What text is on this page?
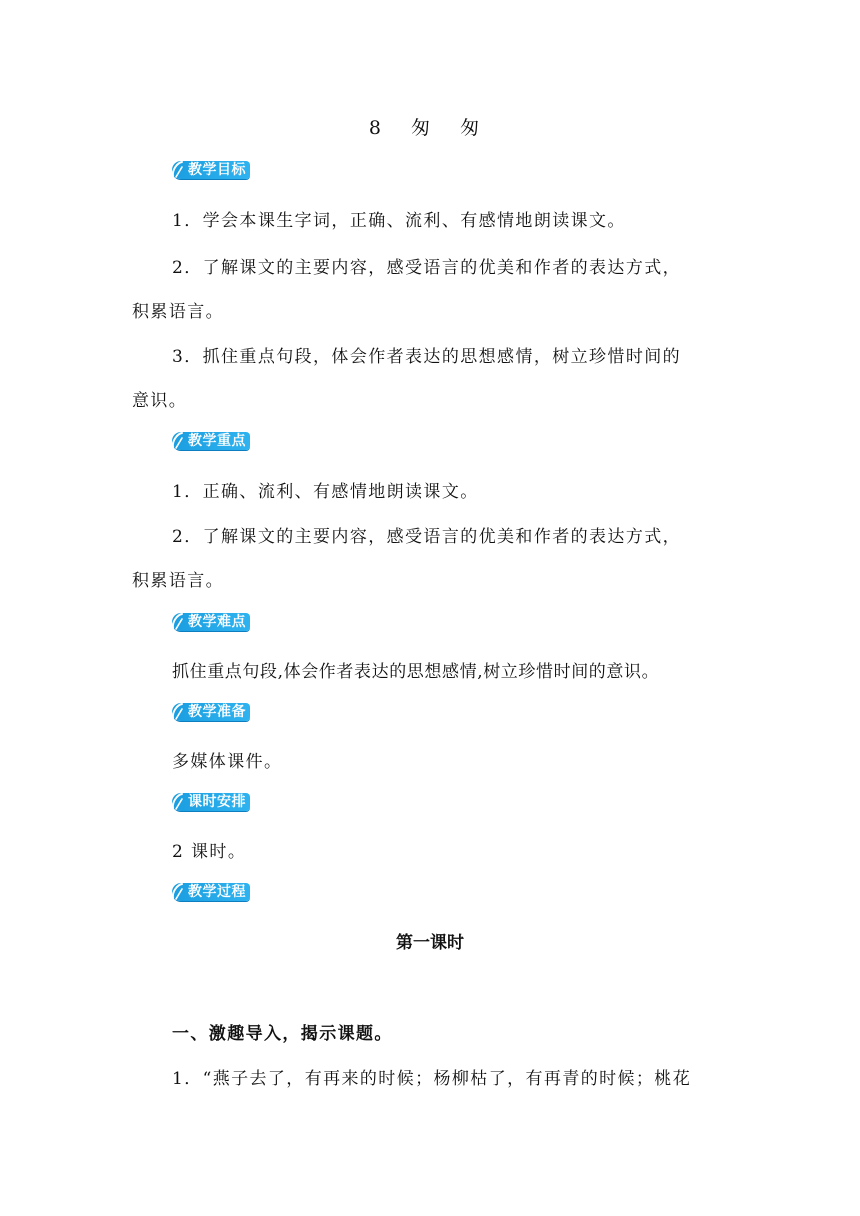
8 匆 匆
教学目标
1．学会本课生字词，正确、流利、有感情地朗读课文。
2．了解课文的主要内容，感受语言的优美和作者的表达方式，
积累语言。
3．抓住重点句段，体会作者表达的思想感情，树立珍惜时间的
意识。
教学重点
1．正确、流利、有感情地朗读课文。
2．了解课文的主要内容，感受语言的优美和作者的表达方式，
积累语言。
教学难点
抓住重点句段,体会作者表达的思想感情,树立珍惜时间的意识。
教学准备
多媒体课件。
课时安排
2 课时。
教学过程
第一课时
一、激趣导入，揭示课题。
1．“燕子去了，有再来的时候；杨柳枯了，有再青的时候；桃花
